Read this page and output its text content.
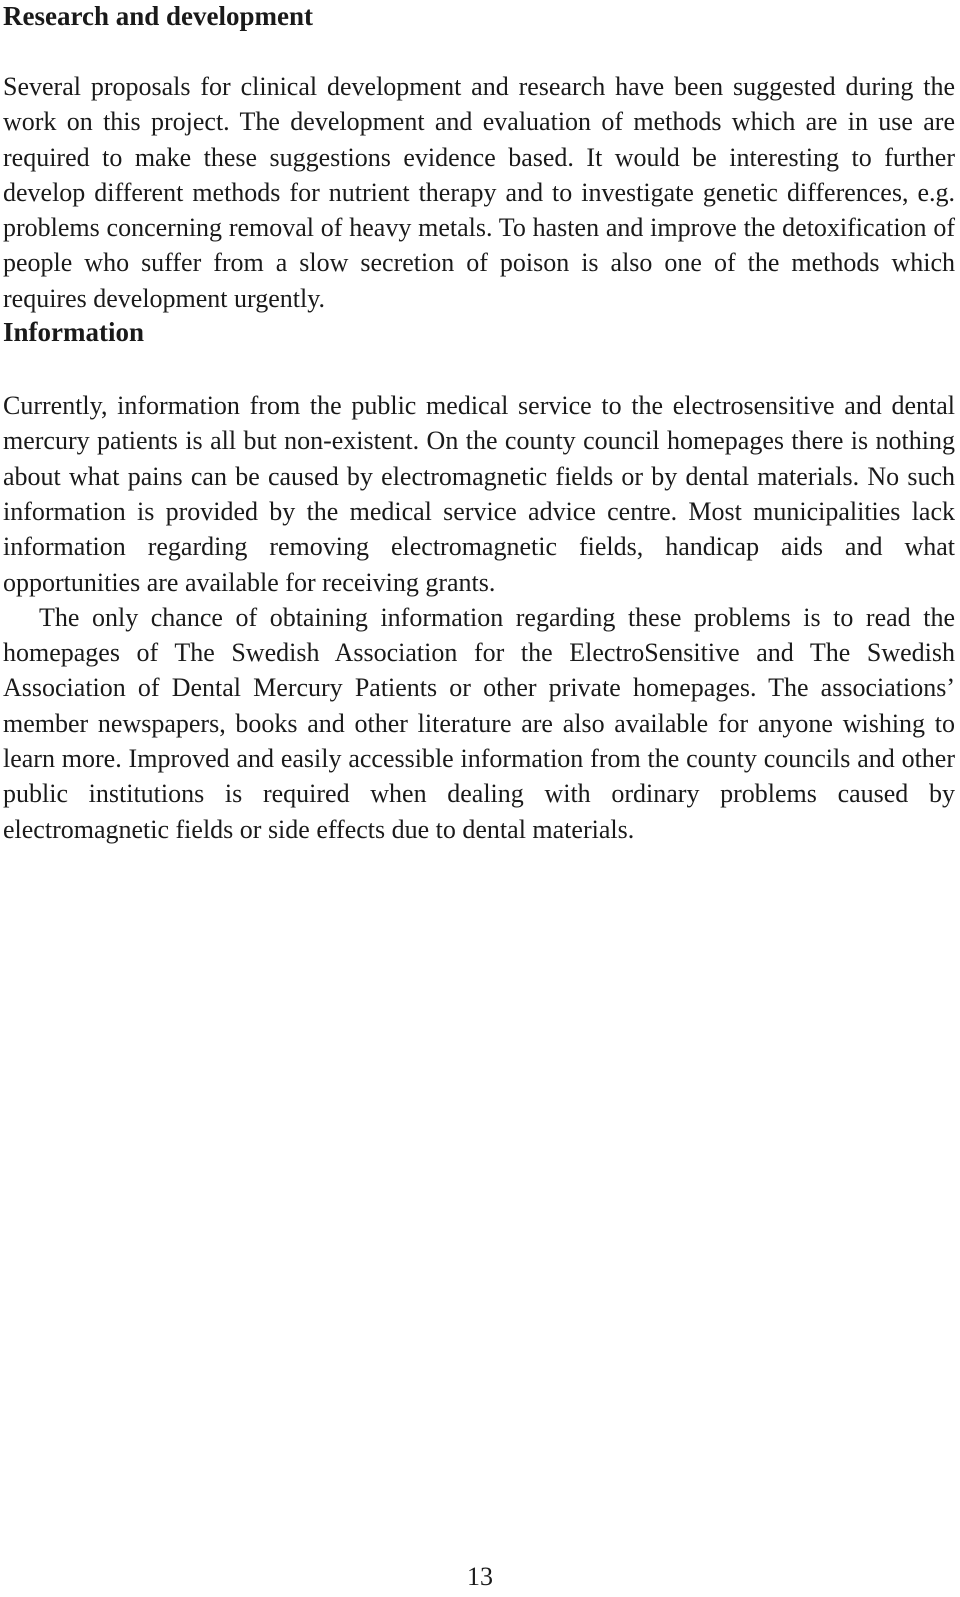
Research and development

Several proposals for clinical development and research have been suggested during the work on this project. The development and evaluation of methods which are in use are required to make these suggestions evidence based. It would be interesting to further develop different methods for nutrient therapy and to investigate genetic differences, e.g. problems concerning removal of heavy metals. To hasten and improve the detoxification of people who suffer from a slow secretion of poison is also one of the methods which requires development urgently.

Information

Currently, information from the public medical service to the electrosensitive and dental mercury patients is all but non-existent. On the county council homepages there is nothing about what pains can be caused by electromagnetic fields or by dental materials. No such information is provided by the medical service advice centre. Most municipalities lack information regarding removing electromagnetic fields, handicap aids and what opportunities are available for receiving grants.

The only chance of obtaining information regarding these problems is to read the homepages of The Swedish Association for the ElectroSensitive and The Swedish Association of Dental Mercury Patients or other private homepages. The associations’ member newspapers, books and other literature are also available for anyone wishing to learn more. Improved and easily accessible information from the county councils and other public institutions is required when dealing with ordinary problems caused by electromagnetic fields or side effects due to dental materials.

13
